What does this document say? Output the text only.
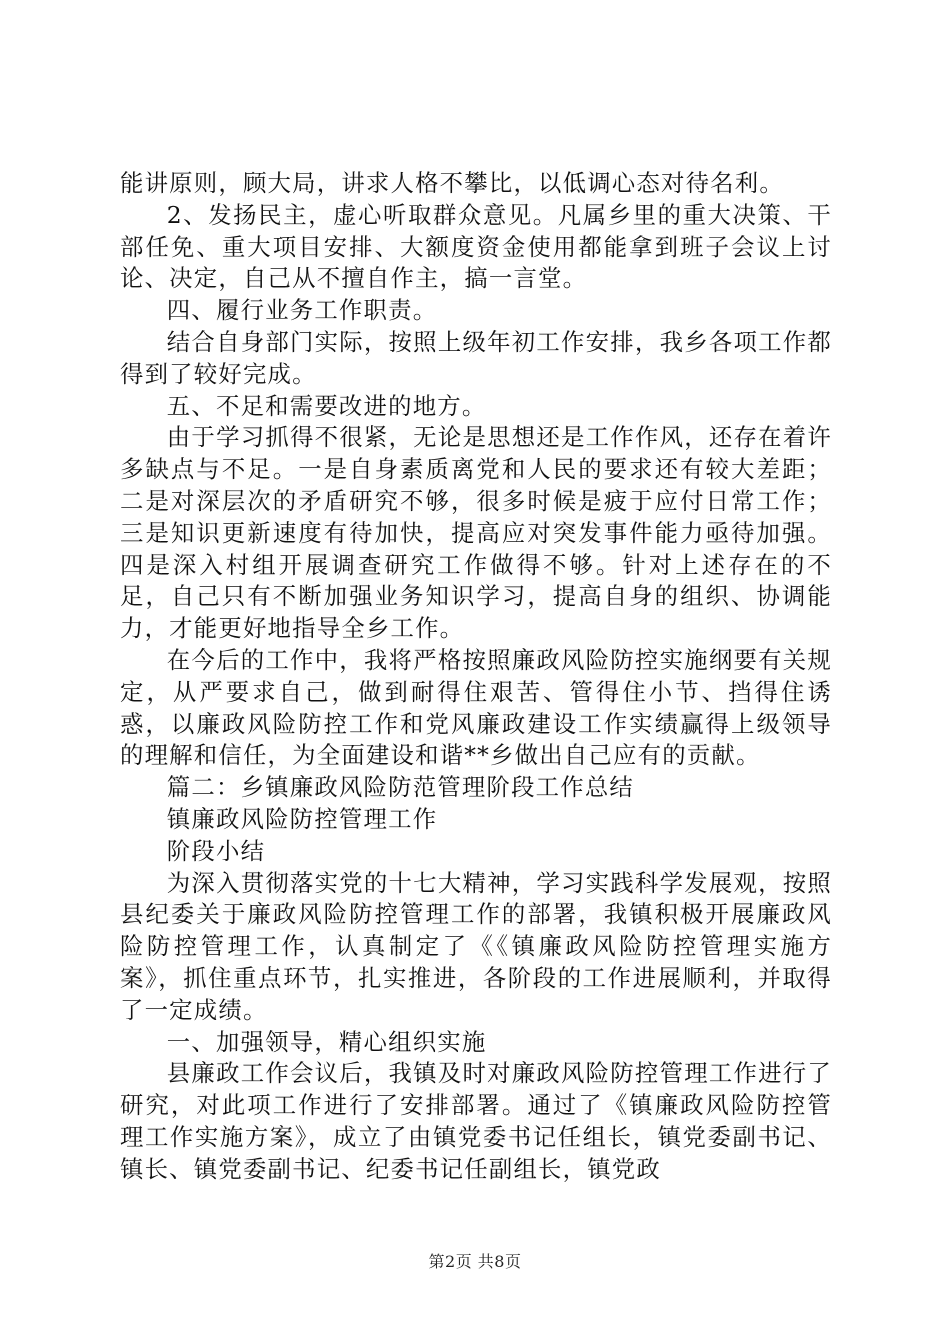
能讲原则，顾大局，讲求人格不攀比，以低调心态对待名利。

2、发扬民主，虚心听取群众意见。凡属乡里的重大决策、干部任免、重大项目安排、大额度资金使用都能拿到班子会议上讨论、决定，自己从不擅自作主，搞一言堂。

四、履行业务工作职责。

结合自身部门实际，按照上级年初工作安排，我乡各项工作都得到了较好完成。

五、不足和需要改进的地方。

由于学习抓得不很紧，无论是思想还是工作作风，还存在着许多缺点与不足。一是自身素质离党和人民的要求还有较大差距；二是对深层次的矛盾研究不够，很多时候是疲于应付日常工作；三是知识更新速度有待加快，提高应对突发事件能力亟待加强。四是深入村组开展调查研究工作做得不够。针对上述存在的不足，自己只有不断加强业务知识学习，提高自身的组织、协调能力，才能更好地指导全乡工作。

在今后的工作中，我将严格按照廉政风险防控实施纲要有关规定，从严要求自己，做到耐得住艰苦、管得住小节、挡得住诱惑，以廉政风险防控工作和党风廉政建设工作实绩赢得上级领导的理解和信任，为全面建设和谐**乡做出自己应有的贡献。

篇二：乡镇廉政风险防范管理阶段工作总结

镇廉政风险防控管理工作

阶段小结

为深入贯彻落实党的十七大精神，学习实践科学发展观，按照县纪委关于廉政风险防控管理工作的部署，我镇积极开展廉政风险防控管理工作，认真制定了《《镇廉政风险防控管理实施方案》，抓住重点环节，扎实推进，各阶段的工作进展顺利，并取得了一定成绩。

一、加强领导，精心组织实施

县廉政工作会议后，我镇及时对廉政风险防控管理工作进行了研究，对此项工作进行了安排部署。通过了《镇廉政风险防控管理工作实施方案》，成立了由镇党委书记任组长，镇党委副书记、镇长、镇党委副书记、纪委书记任副组长，镇党政

第2页 共8页
